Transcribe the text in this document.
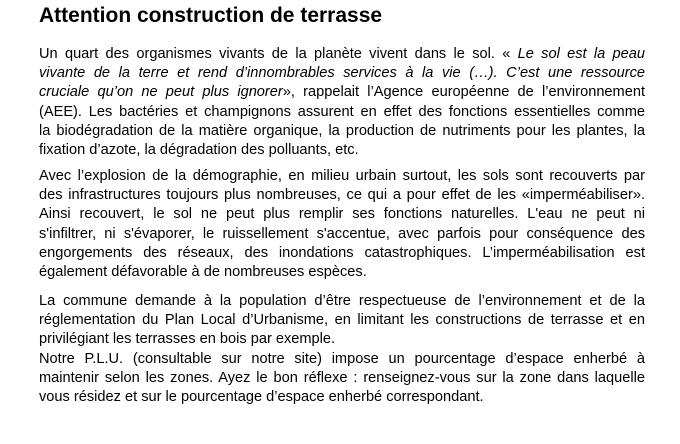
Attention construction de terrasse
Un quart des organismes vivants de la planète vivent dans le sol. « Le sol est la peau
vivante de la terre et rend d’innombrables services à la vie (…). C’est une ressource
cruciale qu’on ne peut plus ignorer», rappelait l’Agence européenne de l’environnement
(AEE). Les bactéries et champignons assurent en effet des fonctions essentielles comme
la biodégradation de la matière organique, la production de nutriments pour les plantes, la
fixation d’azote, la dégradation des polluants, etc.
Avec l’explosion de la démographie, en milieu urbain surtout, les sols sont recouverts par
des infrastructures toujours plus nombreuses, ce qui a pour effet de les «imperméabiliser».
Ainsi recouvert, le sol ne peut plus remplir ses fonctions naturelles. L'eau ne peut ni
s'infiltrer, ni s'évaporer, le ruissellement s'accentue, avec parfois pour conséquence des
engorgements des réseaux, des inondations catastrophiques. L’imperméabilisation est
également défavorable à de nombreuses espèces.
La commune demande à la population d’être respectueuse de l’environnement et de la
réglementation du Plan Local d’Urbanisme, en limitant les constructions de terrasse et en
privilégiant les terrasses en bois par exemple.
Notre P.L.U. (consultable sur notre site) impose un pourcentage d’espace enherbé à
maintenir selon les zones. Ayez le bon réflexe : renseignez-vous sur la zone dans laquelle
vous résidez et sur le pourcentage d’espace enherbé correspondant.
